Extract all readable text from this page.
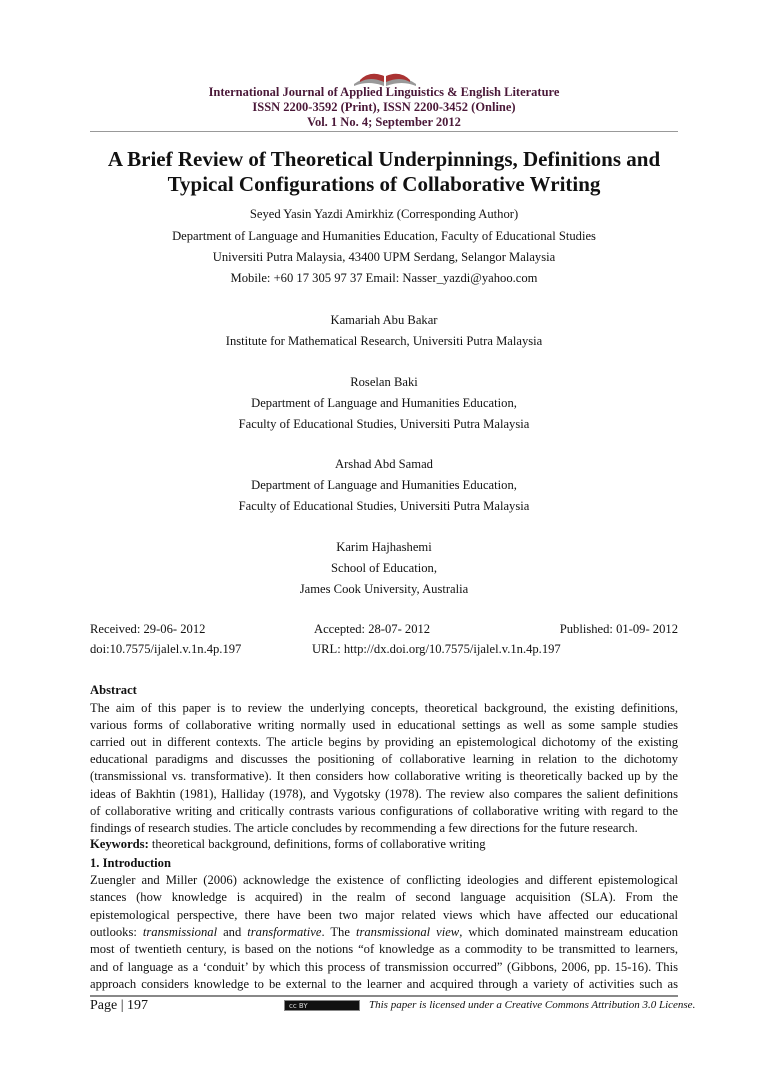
International Journal of Applied Linguistics & English Literature
ISSN 2200-3592 (Print), ISSN 2200-3452 (Online)
Vol. 1 No. 4; September 2012
A Brief Review of Theoretical Underpinnings, Definitions and
Typical Configurations of Collaborative Writing
Seyed Yasin Yazdi Amirkhiz (Corresponding Author)
Department of Language and Humanities Education, Faculty of Educational Studies
Universiti Putra Malaysia, 43400 UPM Serdang, Selangor Malaysia
Mobile: +60 17 305 97 37 Email: Nasser_yazdi@yahoo.com
Kamariah Abu Bakar
Institute for Mathematical Research, Universiti Putra Malaysia
Roselan Baki
Department of Language and Humanities Education,
Faculty of Educational Studies, Universiti Putra Malaysia
Arshad Abd Samad
Department of Language and Humanities Education,
Faculty of Educational Studies, Universiti Putra Malaysia
Karim Hajhashemi
School of Education,
James Cook University, Australia
Received: 29-06- 2012	Accepted: 28-07- 2012	Published: 01-09- 2012
doi:10.7575/ijalel.v.1n.4p.197	URL: http://dx.doi.org/10.7575/ijalel.v.1n.4p.197
Abstract
The aim of this paper is to review the underlying concepts, theoretical background, the existing definitions,
various forms of collaborative writing normally used in educational settings as well as some sample studies
carried out in different contexts. The article begins by providing an epistemological dichotomy of the existing
educational paradigms and discusses the positioning of collaborative learning in relation to the dichotomy
(transmissional vs. transformative). It then considers how collaborative writing is theoretically backed up by the
ideas of Bakhtin (1981), Halliday (1978), and Vygotsky (1978). The review also compares the salient definitions
of collaborative writing and critically contrasts various configurations of collaborative writing with regard to the
findings of research studies. The article concludes by recommending a few directions for the future research.
Keywords: theoretical background, definitions, forms of collaborative writing
1. Introduction
Zuengler and Miller (2006) acknowledge the existence of conflicting ideologies and different epistemological
stances (how knowledge is acquired) in the realm of second language acquisition (SLA). From the
epistemological perspective, there have been two major related views which have affected our educational
outlooks: transmissional and transformative. The transmissional view, which dominated mainstream education
most of twentieth century, is based on the notions “of knowledge as a commodity to be transmitted to learners,
and of language as a ‘conduit’ by which this process of transmission occurred” (Gibbons, 2006, pp. 15-16). This
approach considers knowledge to be external to the learner and acquired through a variety of activities such as
Page | 197	cc BY	This paper is licensed under a Creative Commons Attribution 3.0 License.
